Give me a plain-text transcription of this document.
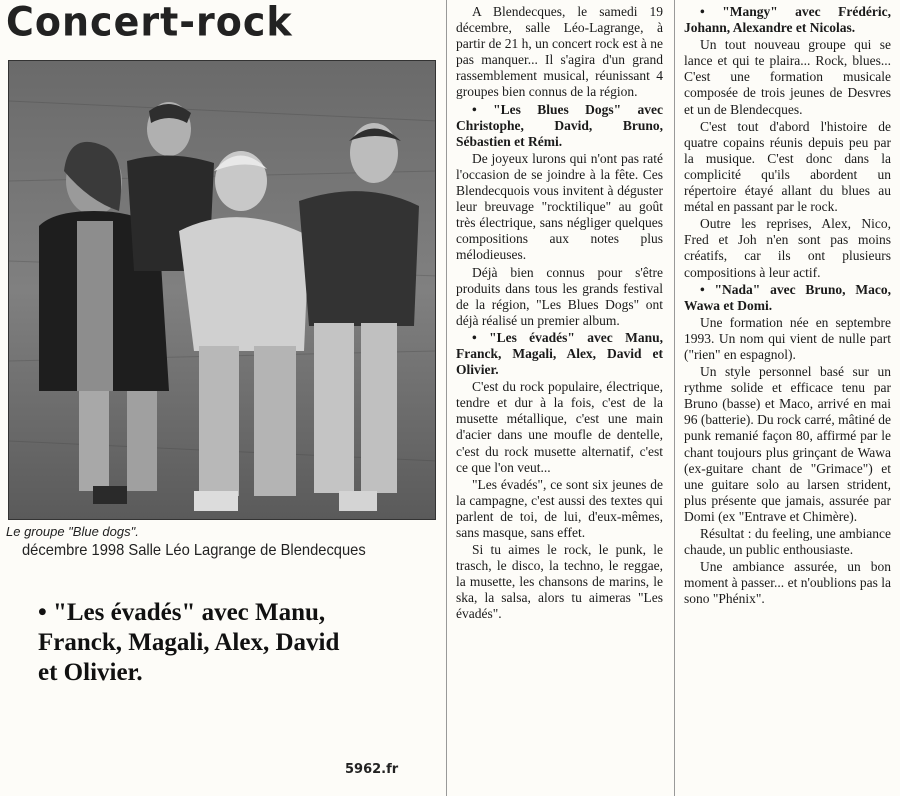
Concert-rock

Le groupe "Blue dogs".

décembre 1998 Salle Léo Lagrange de Blendecques

• "Les évadés" avec Manu,
Franck, Magali, Alex, David
et Olivier.

5962.fr

A Blendecques, le samedi 19 décembre, salle Léo-Lagrange, à partir de 21 h, un concert rock est à ne pas manquer... Il s'agira d'un grand rassemblement musical, réunissant 4 groupes bien connus de la région.

• "Les Blues Dogs" avec Christophe, David, Bruno, Sébastien et Rémi.

De joyeux lurons qui n'ont pas raté l'occasion de se joindre à la fête. Ces Blendecquois vous invitent à déguster leur breuvage "rocktilique" au goût très électrique, sans négliger quelques compositions aux notes plus mélodieuses.

Déjà bien connus pour s'être produits dans tous les grands festival de la région, "Les Blues Dogs" ont déjà réalisé un premier album.

• "Les évadés" avec Manu, Franck, Magali, Alex, David et Olivier.

C'est du rock populaire, électrique, tendre et dur à la fois, c'est de la musette métallique, c'est une main d'acier dans une moufle de dentelle, c'est du rock musette alternatif, c'est ce que l'on veut...

"Les évadés", ce sont six jeunes de la campagne, c'est aussi des textes qui parlent de toi, de lui, d'eux-mêmes, sans masque, sans effet.

Si tu aimes le rock, le punk, le trasch, le disco, la techno, le reggae, la musette, les chansons de marins, le ska, la salsa, alors tu aimeras "Les évadés".

• "Mangy" avec Frédéric, Johann, Alexandre et Nicolas.

Un tout nouveau groupe qui se lance et qui te plaira... Rock, blues... C'est une formation musicale composée de trois jeunes de Desvres et un de Blendecques.

C'est tout d'abord l'histoire de quatre copains réunis depuis peu par la musique. C'est donc dans la complicité qu'ils abordent un répertoire étayé allant du blues au métal en passant par le rock.

Outre les reprises, Alex, Nico, Fred et Joh n'en sont pas moins créatifs, car ils ont plusieurs compositions à leur actif.

• "Nada" avec Bruno, Maco, Wawa et Domi.

Une formation née en septembre 1993. Un nom qui vient de nulle part ("rien" en espagnol).

Un style personnel basé sur un rythme solide et efficace tenu par Bruno (basse) et Maco, arrivé en mai 96 (batterie). Du rock carré, mâtiné de punk remanié façon 80, affirmé par le chant toujours plus grinçant de Wawa (ex-guitare chant de "Grimace") et une guitare solo au larsen strident, plus présente que jamais, assurée par Domi (ex "Entrave et Chimère).

Résultat : du feeling, une ambiance chaude, un public enthousiaste.

Une ambiance assurée, un bon moment à passer... et n'oublions pas la sono "Phénix".
